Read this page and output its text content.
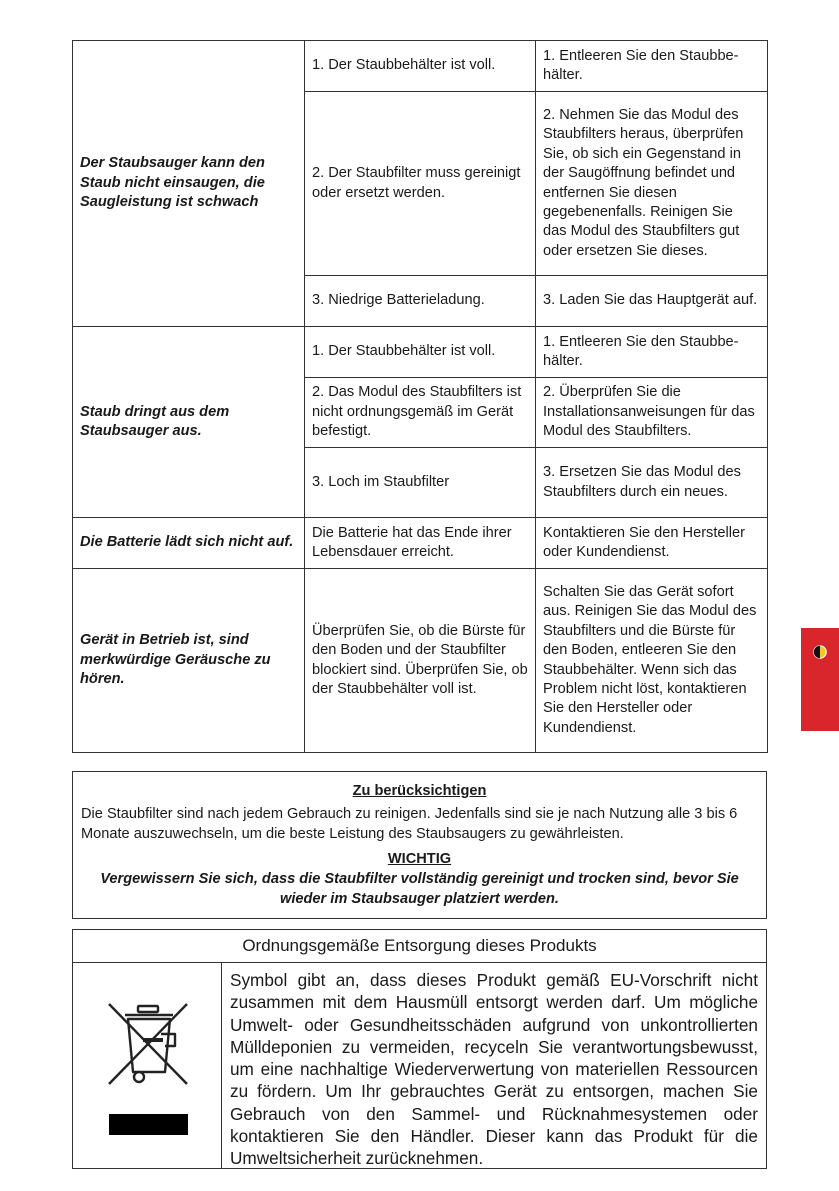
Der Staubsauger kann den Staub nicht einsaugen, die Saugleistung ist schwach	1. Der Staubbehälter ist voll.	1. Entleeren Sie den Staubbe-hälter.
	2. Der Staubfilter muss gereinigt oder ersetzt werden.	2. Nehmen Sie das Modul des Staubfilters heraus, überprüfen Sie, ob sich ein Gegenstand in der Saugöffnung befindet und entfernen Sie diesen gegebenenfalls. Reinigen Sie das Modul des Staubfilters gut oder ersetzen Sie dieses.
	3. Niedrige Batterieladung.	3. Laden Sie das Hauptgerät auf.
Staub dringt aus dem Staubsauger aus.	1. Der Staubbehälter ist voll.	1. Entleeren Sie den Staubbe-hälter.
	2. Das Modul des Staubfilters ist nicht ordnungsgemäß im Gerät befestigt.	2. Überprüfen Sie die Installationsanweisungen für das Modul des Staubfilters.
	3. Loch im Staubfilter	3. Ersetzen Sie das Modul des Staubfilters durch ein neues.
Die Batterie lädt sich nicht auf.	Die Batterie hat das Ende ihrer Lebensdauer erreicht.	Kontaktieren Sie den Hersteller oder Kundendienst.
Gerät in Betrieb ist, sind merkwürdige Geräusche zu hören.	Überprüfen Sie, ob die Bürste für den Boden und der Staubfilter blockiert sind. Überprüfen Sie, ob der Staubbehälter voll ist.	Schalten Sie das Gerät sofort aus. Reinigen Sie das Modul des Staubfilters und die Bürste für den Boden, entleeren Sie den Staubbehälter. Wenn sich das Problem nicht löst, kontaktieren Sie den Hersteller oder Kundendienst.
Zu berücksichtigen
Die Staubfilter sind nach jedem Gebrauch zu reinigen. Jedenfalls sind sie je nach Nutzung alle 3 bis 6 Monate auszuwechseln, um die beste Leistung des Staubsaugers zu gewährleisten.
WICHTIG
Vergewissern Sie sich, dass die Staubfilter vollständig gereinigt und trocken sind, bevor Sie wieder im Staubsauger platziert werden.
Ordnungsgemäße Entsorgung dieses Produkts
Symbol gibt an, dass dieses Produkt gemäß EU-Vorschrift nicht zusammen mit dem Hausmüll entsorgt werden darf. Um mögliche Umwelt- oder Gesundheitsschäden aufgrund von unkontrollierten Mülldeponien zu vermeiden, recyceln Sie verantwortungsbewusst, um eine nachhaltige Wiederverwertung von materiellen Ressourcen zu fördern. Um Ihr gebrauchtes Gerät zu entsorgen, machen Sie Gebrauch von den Sammel- und Rücknahmesystemen oder kontaktieren Sie den Händler. Dieser kann das Produkt für die Umweltsicherheit zurücknehmen.
